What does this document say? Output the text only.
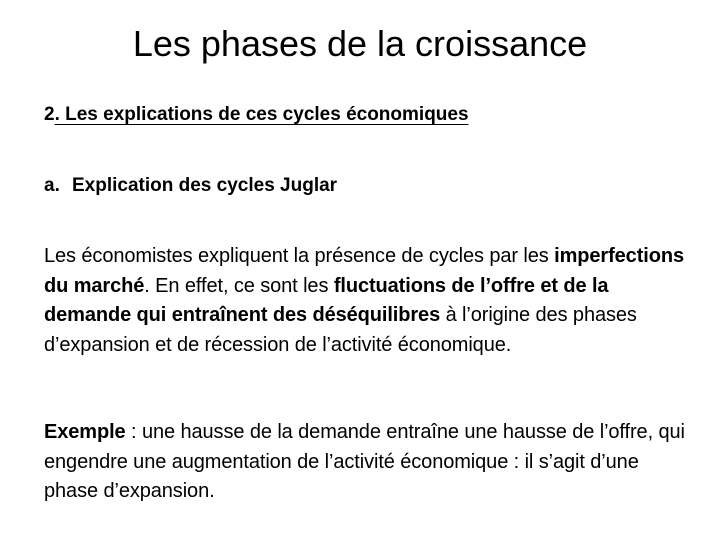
Les phases de la croissance
2. Les explications de ces cycles économiques
a. Explication des cycles Juglar
Les économistes expliquent la présence de cycles par les imperfections du marché. En effet, ce sont les fluctuations de l’offre et de la demande qui entraînent des déséquilibres à l’origine des phases d’expansion et de récession de l’activité économique.
Exemple : une hausse de la demande entraîne une hausse de l’offre, qui engendre une augmentation de l’activité économique : il s’agit d’une phase d’expansion.
